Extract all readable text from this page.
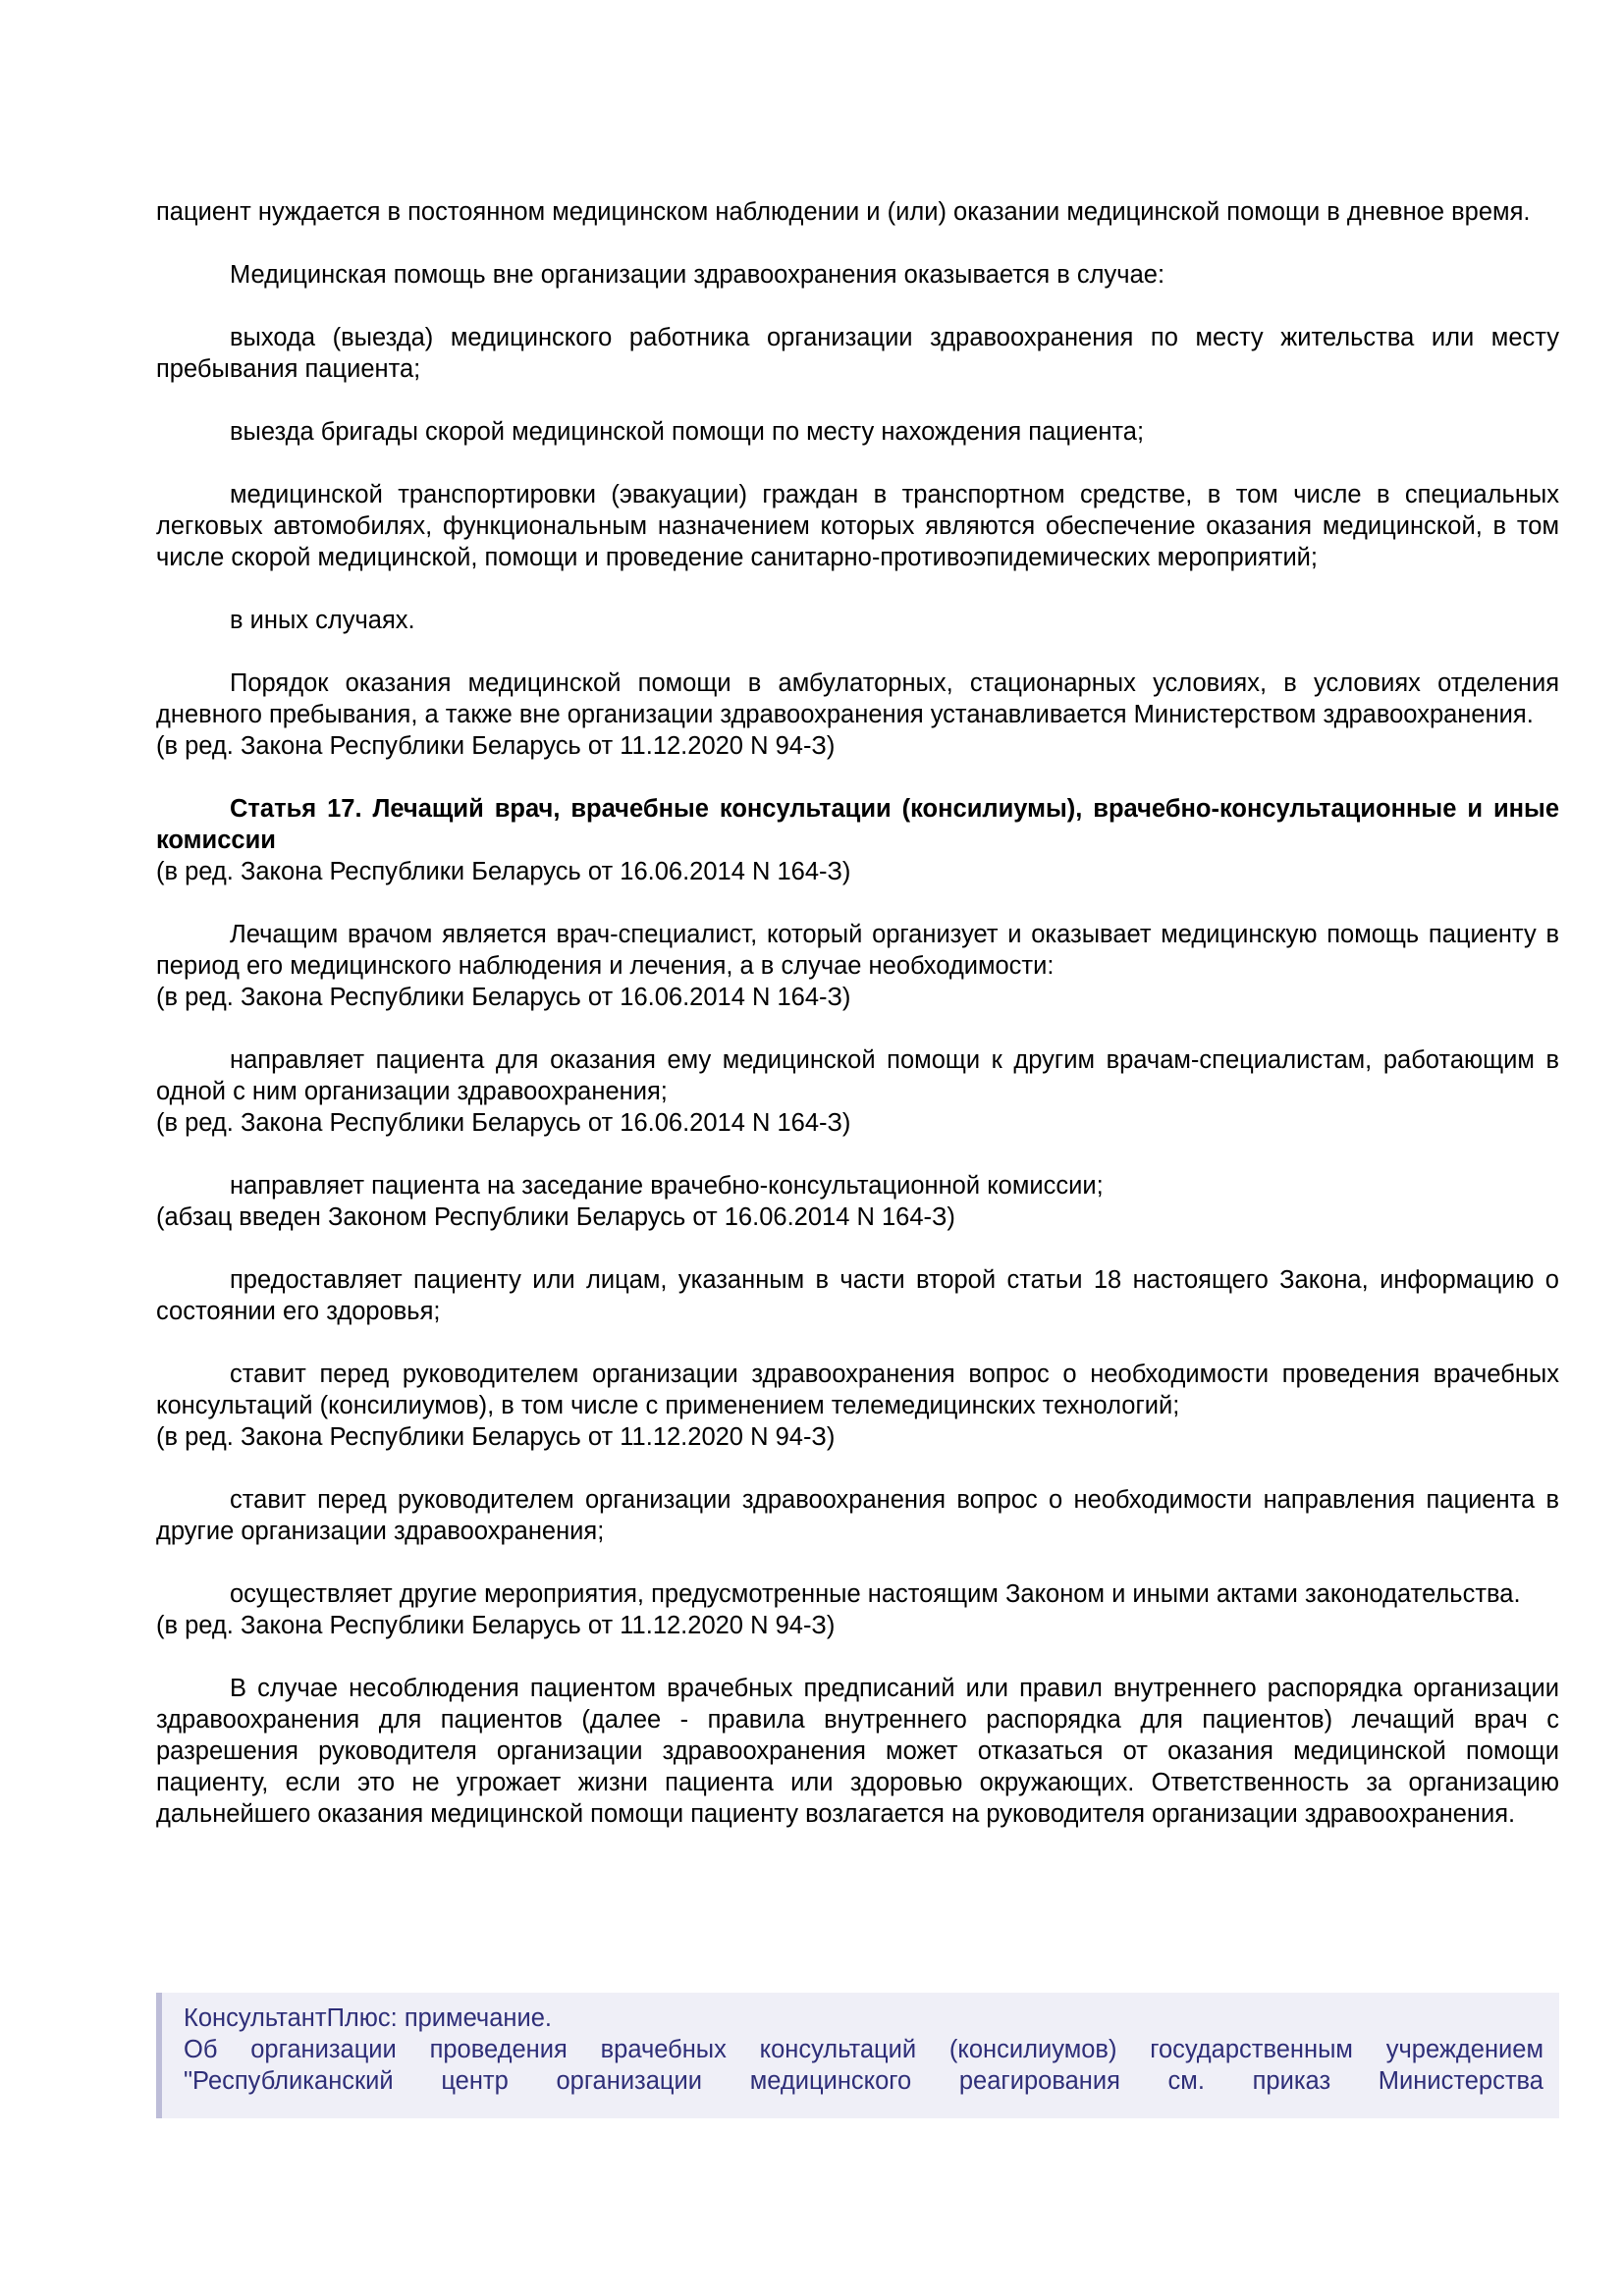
пациент нуждается в постоянном медицинском наблюдении и (или) оказании медицинской помощи в дневное время.

Медицинская помощь вне организации здравоохранения оказывается в случае:

выхода (выезда) медицинского работника организации здравоохранения по месту жительства или месту пребывания пациента;

выезда бригады скорой медицинской помощи по месту нахождения пациента;

медицинской транспортировки (эвакуации) граждан в транспортном средстве, в том числе в специальных легковых автомобилях, функциональным назначением которых являются обеспечение оказания медицинской, в том числе скорой медицинской, помощи и проведение санитарно-противоэпидемических мероприятий;

в иных случаях.

Порядок оказания медицинской помощи в амбулаторных, стационарных условиях, в условиях отделения дневного пребывания, а также вне организации здравоохранения устанавливается Министерством здравоохранения.
(в ред. Закона Республики Беларусь от 11.12.2020 N 94-З)
Статья 17. Лечащий врач, врачебные консультации (консилиумы), врачебно-консультационные и иные комиссии
(в ред. Закона Республики Беларусь от 16.06.2014 N 164-З)
Лечащим врачом является врач-специалист, который организует и оказывает медицинскую помощь пациенту в период его медицинского наблюдения и лечения, а в случае необходимости:
(в ред. Закона Республики Беларусь от 16.06.2014 N 164-З)
направляет пациента для оказания ему медицинской помощи к другим врачам-специалистам, работающим в одной с ним организации здравоохранения;
(в ред. Закона Республики Беларусь от 16.06.2014 N 164-З)
направляет пациента на заседание врачебно-консультационной комиссии;
(абзац введен Законом Республики Беларусь от 16.06.2014 N 164-З)

предоставляет пациенту или лицам, указанным в части второй статьи 18 настоящего Закона, информацию о состоянии его здоровья;

ставит перед руководителем организации здравоохранения вопрос о необходимости проведения врачебных консультаций (консилиумов), в том числе с применением телемедицинских технологий;
(в ред. Закона Республики Беларусь от 11.12.2020 N 94-З)

ставит перед руководителем организации здравоохранения вопрос о необходимости направления пациента в другие организации здравоохранения;

осуществляет другие мероприятия, предусмотренные настоящим Законом и иными актами законодательства.
(в ред. Закона Республики Беларусь от 11.12.2020 N 94-З)

В случае несоблюдения пациентом врачебных предписаний или правил внутреннего распорядка организации здравоохранения для пациентов (далее - правила внутреннего распорядка для пациентов) лечащий врач с разрешения руководителя организации здравоохранения может отказаться от оказания медицинской помощи пациенту, если это не угрожает жизни пациента или здоровью окружающих. Ответственность за организацию дальнейшего оказания медицинской помощи пациенту возлагается на руководителя организации здравоохранения.

КонсультантПлюс: примечание.
Об организации проведения врачебных консультаций (консилиумов) государственным учреждением
"Республиканский центр организации медицинского реагирования см. приказ Министерства
